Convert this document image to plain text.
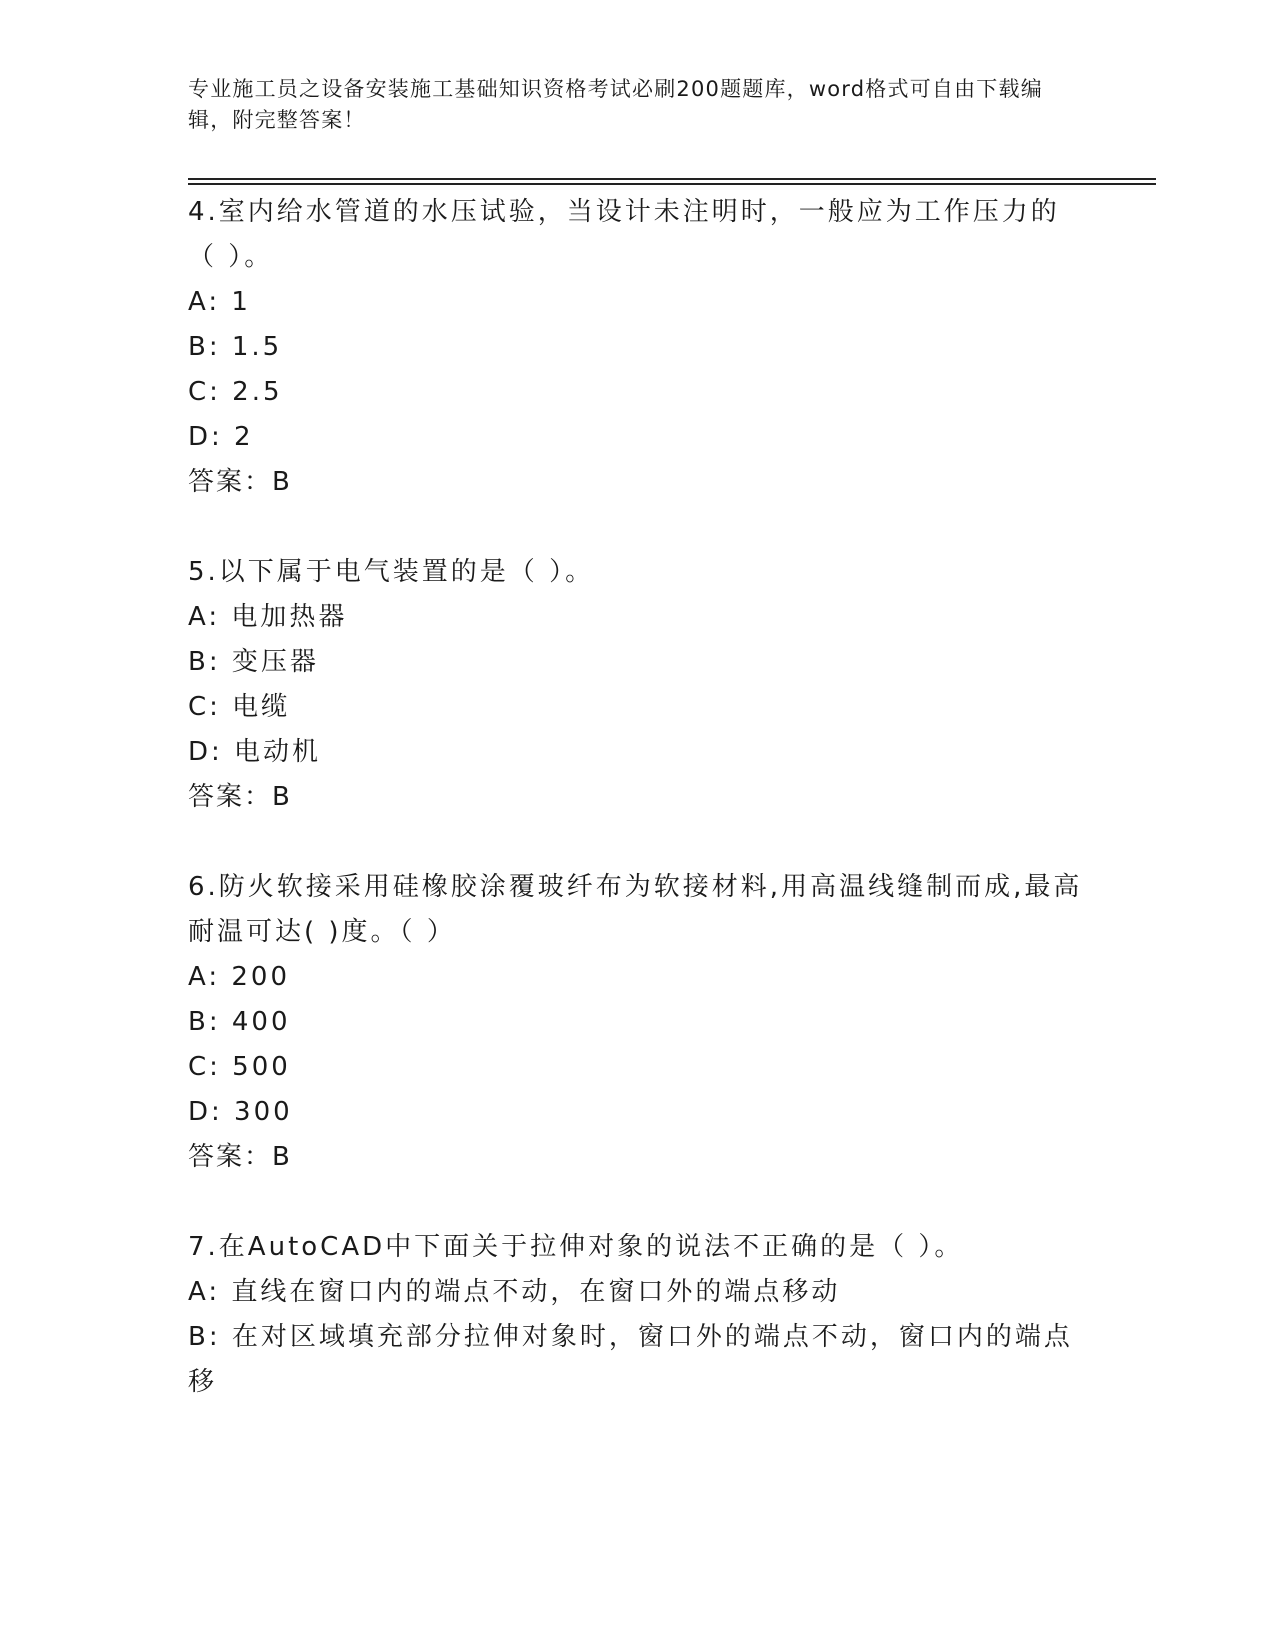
专业施工员之设备安装施工基础知识资格考试必刷200题题库，word格式可自由下载编辑，附完整答案！
4.室内给水管道的水压试验，当设计未注明时，一般应为工作压力的（ ）。
A: 1
B: 1.5
C: 2.5
D: 2
答案：B
5.以下属于电气装置的是（ ）。
A: 电加热器
B: 变压器
C: 电缆
D: 电动机
答案：B
6.防火软接采用硅橡胶涂覆玻纤布为软接材料,用高温线缝制而成,最高耐温可达( )度。（ ）
A: 200
B: 400
C: 500
D: 300
答案：B
7.在AutoCAD中下面关于拉伸对象的说法不正确的是（ ）。
A: 直线在窗口内的端点不动，在窗口外的端点移动
B: 在对区域填充部分拉伸对象时，窗口外的端点不动，窗口内的端点移
